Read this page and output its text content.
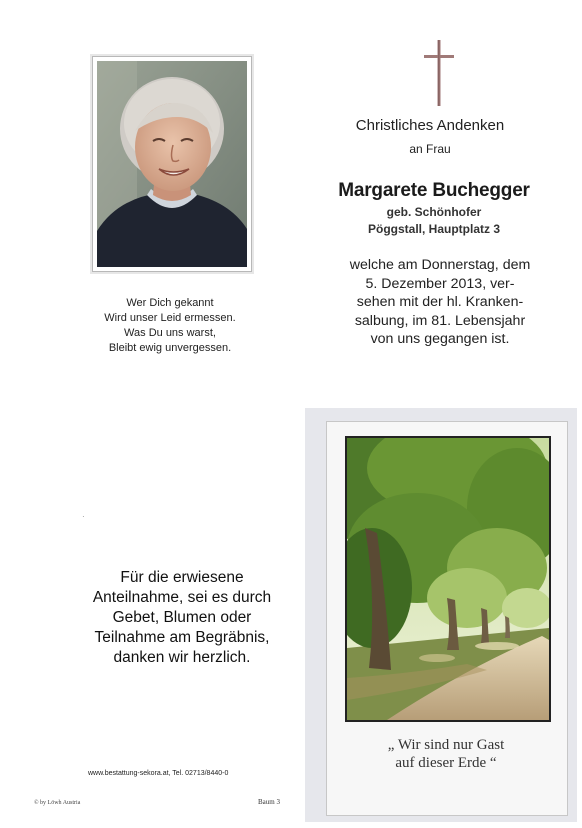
Christliches Andenken
an Frau
Margarete Buchegger
geb. Schönhofer
Pöggstall, Hauptplatz 3
welche am Donnerstag, dem
5. Dezember 2013, ver-
sehen mit der hl. Kranken-
salbung, im 81. Lebensjahr
von uns gegangen ist.
Wer Dich gekannt
Wird unser Leid ermessen.
Was Du uns warst,
Bleibt ewig unvergessen.
·
Für die erwiesene
Anteilnahme, sei es durch
Gebet, Blumen oder
Teilnahme am Begräbnis,
danken wir herzlich.
www.bestattung-sekora.at, Tel. 02713/8440-0
© by Löwh Austria	Baum 3
„ Wir sind nur Gast
auf dieser Erde “
